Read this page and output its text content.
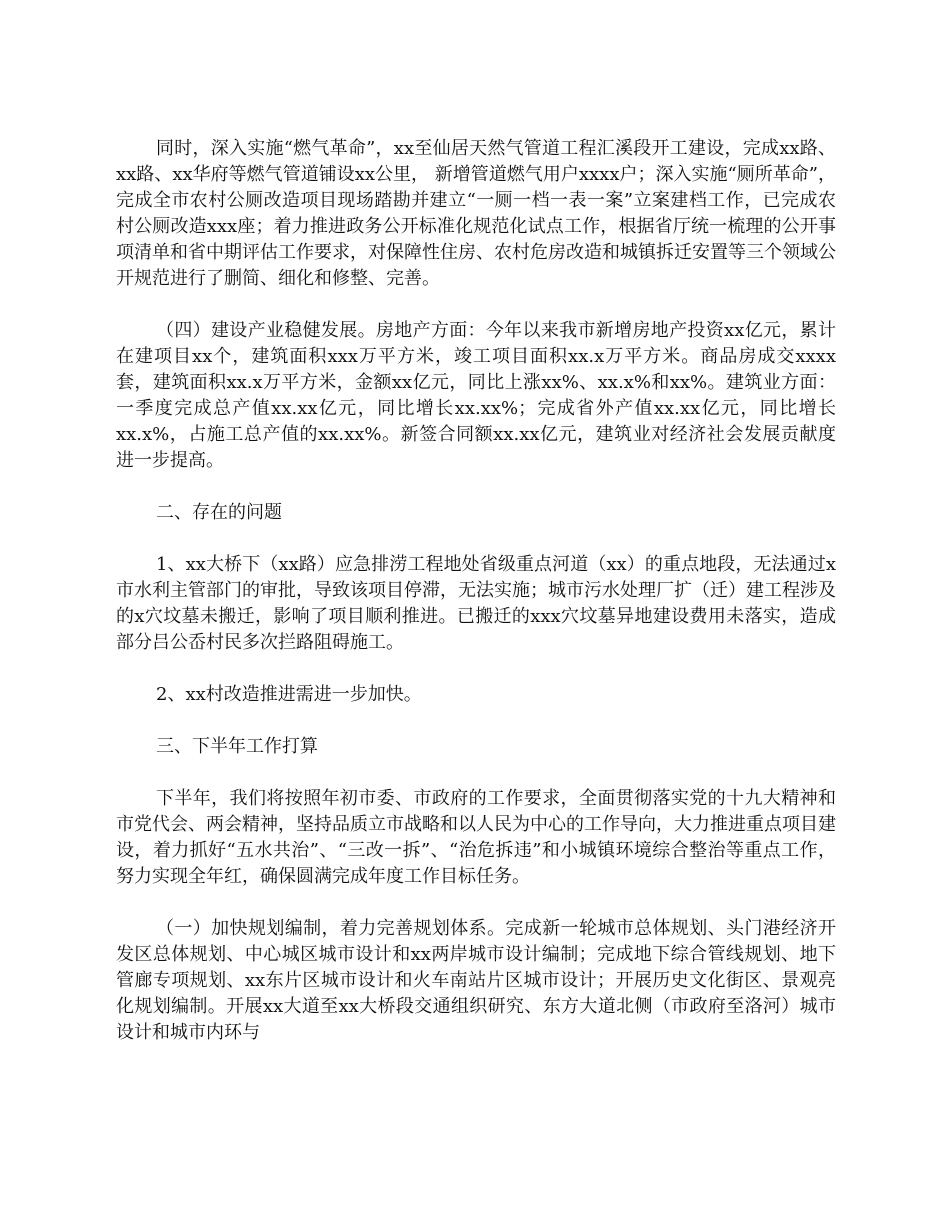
同时，深入实施“燃气革命”，xx至仙居天然气管道工程汇溪段开工建设，完成xx路、xx路、xx华府等燃气管道铺设xx公里， 新增管道燃气用户xxxx户；深入实施“厕所革命”，完成全市农村公厕改造项目现场踏勘并建立“一厕一档一表一案”立案建档工作，已完成农村公厕改造xxx座；着力推进政务公开标准化规范化试点工作，根据省厅统一梳理的公开事项清单和省中期评估工作要求，对保障性住房、农村危房改造和城镇拆迁安置等三个领域公开规范进行了删简、细化和修整、完善。

（四）建设产业稳健发展。房地产方面：今年以来我市新增房地产投资xx亿元，累计在建项目xx个，建筑面积xxx万平方米，竣工项目面积xx.x万平方米。商品房成交xxxx套，建筑面积xx.x万平方米，金额xx亿元，同比上涨xx%、xx.x%和xx%。建筑业方面：一季度完成总产值xx.xx亿元，同比增长xx.xx%；完成省外产值xx.xx亿元，同比增长xx.x%，占施工总产值的xx.xx%。新签合同额xx.xx亿元，建筑业对经济社会发展贡献度进一步提高。

二、存在的问题

1、xx大桥下（xx路）应急排涝工程地处省级重点河道（xx）的重点地段，无法通过x市水利主管部门的审批，导致该项目停滞，无法实施；城市污水处理厂扩（迁）建工程涉及的x穴坟墓未搬迁，影响了项目顺利推进。已搬迁的xxx穴坟墓异地建设费用未落实，造成部分吕公岙村民多次拦路阻碍施工。

2、xx村改造推进需进一步加快。

三、下半年工作打算

下半年，我们将按照年初市委、市政府的工作要求，全面贯彻落实党的十九大精神和市党代会、两会精神，坚持品质立市战略和以人民为中心的工作导向，大力推进重点项目建设，着力抓好“五水共治”、“三改一拆”、“治危拆违”和小城镇环境综合整治等重点工作，努力实现全年红，确保圆满完成年度工作目标任务。

（一）加快规划编制，着力完善规划体系。完成新一轮城市总体规划、头门港经济开发区总体规划、中心城区城市设计和xx两岸城市设计编制；完成地下综合管线规划、地下管廊专项规划、xx东片区城市设计和火车南站片区城市设计；开展历史文化街区、景观亮化规划编制。开展xx大道至xx大桥段交通组织研究、东方大道北侧（市政府至洛河）城市设计和城市内环与
